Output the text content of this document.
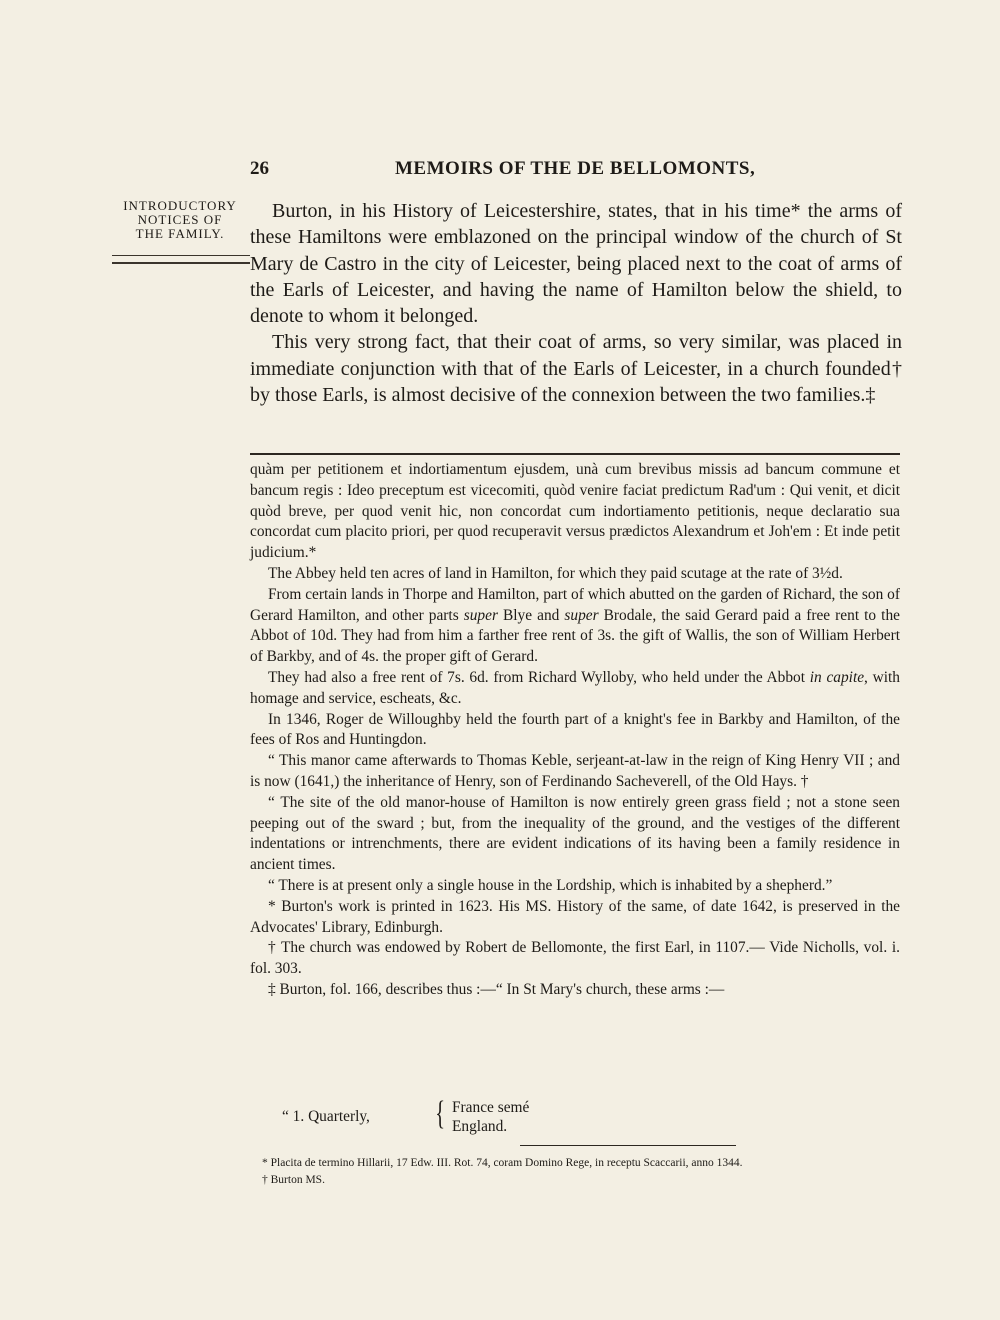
26	MEMOIRS OF THE DE BELLOMONTS,
INTRODUCTORY
NOTICES OF
THE FAMILY.

Burton, in his History of Leicestershire, states, that in his time* the arms of these Hamiltons were emblazoned on the principal window of the church of St Mary de Castro in the city of Leicester, being placed next to the coat of arms of the Earls of Leicester, and having the name of Hamilton below the shield, to denote to whom it belonged.

This very strong fact, that their coat of arms, so very similar, was placed in immediate conjunction with that of the Earls of Leicester, in a church founded† by those Earls, is almost decisive of the connexion between the two families.‡

quàm per petitionem et indortiamentum ejusdem, unà cum brevibus missis ad bancum commune et bancum regis : Ideo preceptum est vicecomiti, quòd venire faciat predictum Rad'um : Qui venit, et dicit quòd breve, per quod venit hic, non concordat cum indortiamento petitionis, neque declaratio sua concordat cum placito priori, per quod recuperavit versus prædictos Alexandrum et Joh'em : Et inde petit judicium.*

The Abbey held ten acres of land in Hamilton, for which they paid scutage at the rate of 3½d.

From certain lands in Thorpe and Hamilton, part of which abutted on the garden of Richard, the son of Gerard Hamilton, and other parts super Blye and super Brodale, the said Gerard paid a free rent to the Abbot of 10d. They had from him a farther free rent of 3s. the gift of Wallis, the son of William Herbert of Barkby, and of 4s. the proper gift of Gerard.

They had also a free rent of 7s. 6d. from Richard Wylloby, who held under the Abbot in capite, with homage and service, escheats, &c.

In 1346, Roger de Willoughby held the fourth part of a knight's fee in Barkby and Hamilton, of the fees of Ros and Huntingdon.

“ This manor came afterwards to Thomas Keble, serjeant-at-law in the reign of King Henry VII ; and is now (1641,) the inheritance of Henry, son of Ferdinando Sacheverell, of the Old Hays. †

“ The site of the old manor-house of Hamilton is now entirely green grass field ; not a stone seen peeping out of the sward ; but, from the inequality of the ground, and the vestiges of the different indentations or intrenchments, there are evident indications of its having been a family residence in ancient times.

“ There is at present only a single house in the Lordship, which is inhabited by a shepherd.”

* Burton's work is printed in 1623. His MS. History of the same, of date 1642, is preserved in the Advocates' Library, Edinburgh.

† The church was endowed by Robert de Bellomonte, the first Earl, in 1107.— Vide Nicholls, vol. i. fol. 303.

‡ Burton, fol. 166, describes thus :—“ In St Mary's church, these arms :—

“ 1. Quarterly, { France semé
England.

* Placita de termino Hillarii, 17 Edw. III. Rot. 74, coram Domino Rege, in receptu Scaccarii, anno 1344.

† Burton MS.
